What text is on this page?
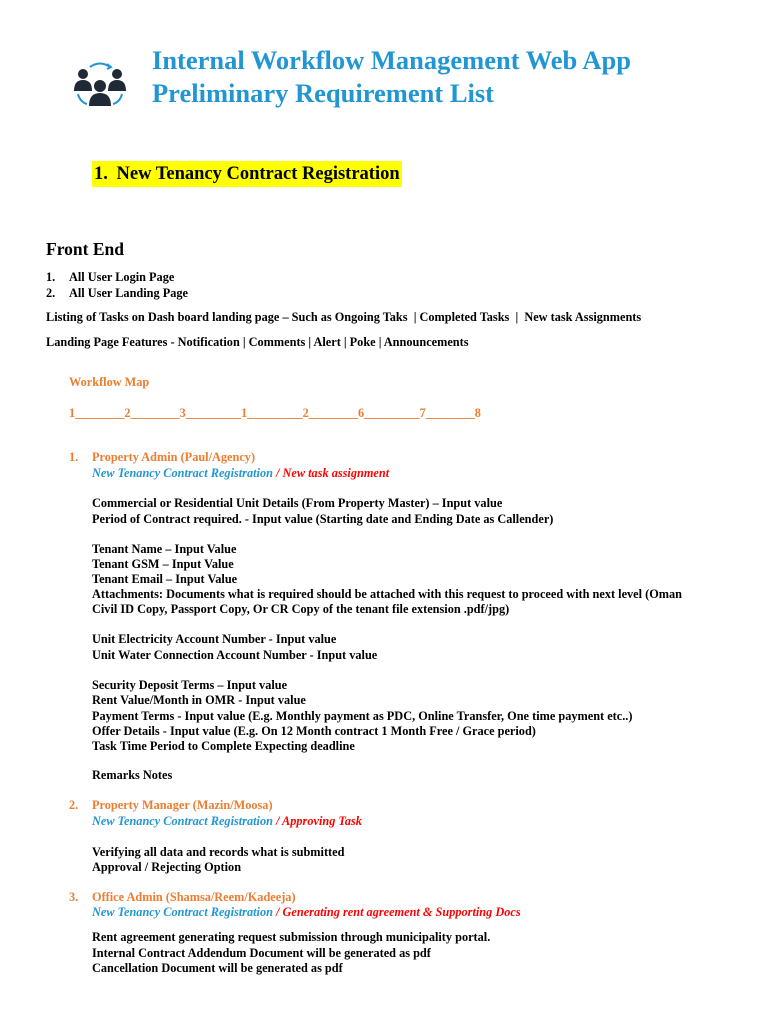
Internal Workflow Management Web App
Preliminary Requirement List
1. New Tenancy Contract Registration
Front End
1. All User Login Page
2. All User Landing Page
Listing of Tasks on Dash board landing page – Such as Ongoing Taks  | Completed Tasks  |  New task Assignments
Landing Page Features - Notification | Comments | Alert | Poke | Announcements
Workflow Map
1________2________3_________1_________2________6_________7________8
1. Property Admin (Paul/Agency)
New Tenancy Contract Registration / New task assignment
Commercial or Residential Unit Details (From Property Master) – Input value
Period of Contract required. - Input value (Starting date and Ending Date as Callender)
Tenant Name – Input Value
Tenant GSM – Input Value
Tenant Email – Input Value
Attachments: Documents what is required should be attached with this request to proceed with next level (Oman
Civil ID Copy, Passport Copy, Or CR Copy of the tenant file extension .pdf/jpg)
Unit Electricity Account Number - Input value
Unit Water Connection Account Number - Input value
Security Deposit Terms – Input value
Rent Value/Month in OMR - Input value
Payment Terms - Input value (E.g. Monthly payment as PDC, Online Transfer, One time payment etc..)
Offer Details - Input value (E.g. On 12 Month contract 1 Month Free / Grace period)
Task Time Period to Complete Expecting deadline
Remarks Notes
2. Property Manager (Mazin/Moosa)
New Tenancy Contract Registration / Approving Task
Verifying all data and records what is submitted
Approval / Rejecting Option
3. Office Admin (Shamsa/Reem/Kadeeja)
New Tenancy Contract Registration / Generating rent agreement & Supporting Docs
Rent agreement generating request submission through municipality portal.
Internal Contract Addendum Document will be generated as pdf
Cancellation Document will be generated as pdf
